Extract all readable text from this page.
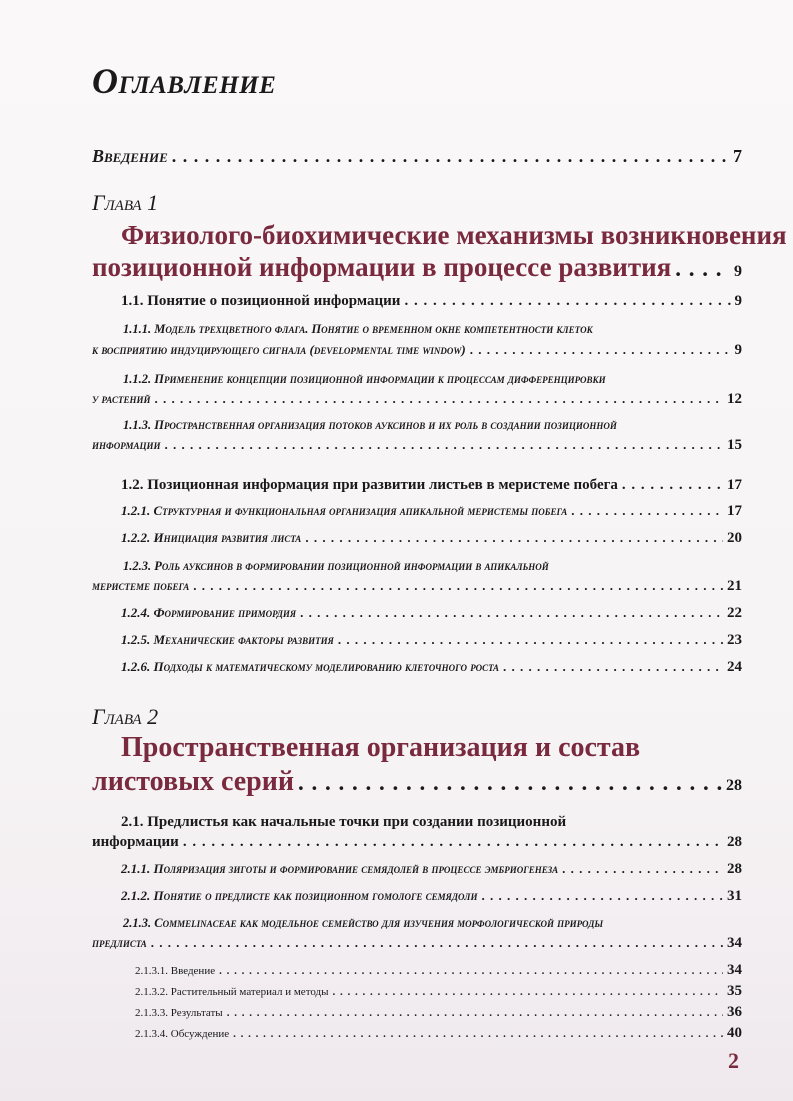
Оглавление
Введение . . .	7
Глава 1
Физиолого-биохимические механизмы возникновения
позиционной информации в процессе развития . . .	9
1.1. Понятие о позиционной информации . . .	9
1.1.1. Модель трехцветного флага. Понятие о временном окне компетентности клеток
к восприятию индуцирующего сигнала (developmental time window) . . .	9
1.1.2. Применение концепции позиционной информации к процессам дифференцировки
у растений . . .	12
1.1.3. Пространственная организация потоков ауксинов и их роль в создании позиционной
информации . . .	15
1.2. Позиционная информация при развитии листьев в меристеме побега . . .	17
1.2.1. Структурная и функциональная организация апикальной меристемы побега . . .	17
1.2.2. Инициация развития листа . . .	20
1.2.3. Роль ауксинов в формировании позиционной информации в апикальной
меристеме побега . . .	21
1.2.4. Формирование примордия . . .	22
1.2.5. Механические факторы развития . . .	23
1.2.6. Подходы к математическому моделированию клеточного роста . . .	24
Глава 2
Пространственная организация и состав
листовых серий . . .	28
2.1. Предлистья как начальные точки при создании позиционной
информации . . .	28
2.1.1. Поляризация зиготы и формирование семядолей в процессе эмбриогенеза . . .	28
2.1.2. Понятие о предлисте как позиционном гомологе семядоли . . .	31
2.1.3. Commelinaceae как модельное семейство для изучения морфологической природы
предлиста . . .	34
2.1.3.1. Введение . . .	34
2.1.3.2. Растительный материал и методы . . .	35
2.1.3.3. Результаты . . .	36
2.1.3.4. Обсуждение . . .	40
2
